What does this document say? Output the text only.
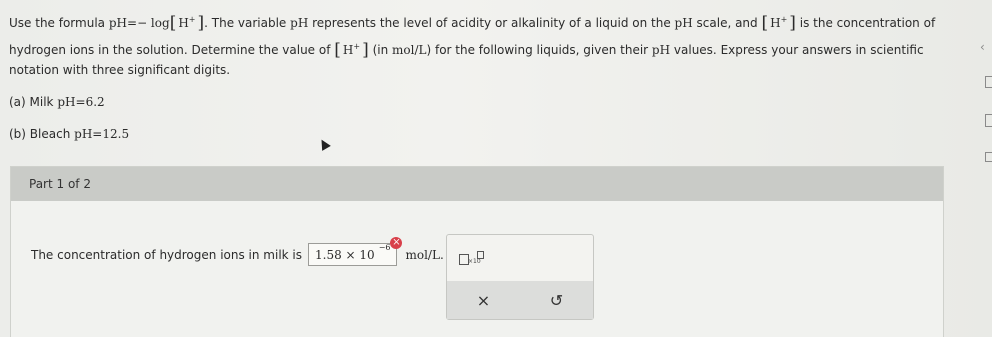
Use the formula pH=− log[ H+ ]. The variable pH represents the level of acidity or alkalinity of a liquid on the pH scale, and [ H+ ] is the concentration of
hydrogen ions in the solution. Determine the value of [ H+ ] (in mol/L) for the following liquids, given their pH values. Express your answers in scientific
notation with three significant digits.
(a) Milk pH=6.2
(b) Bleach pH=12.5
Part 1 of 2
The concentration of hydrogen ions in milk is 1.58 × 10
−6 ×
mol/L.	×10
×	↺
‹
